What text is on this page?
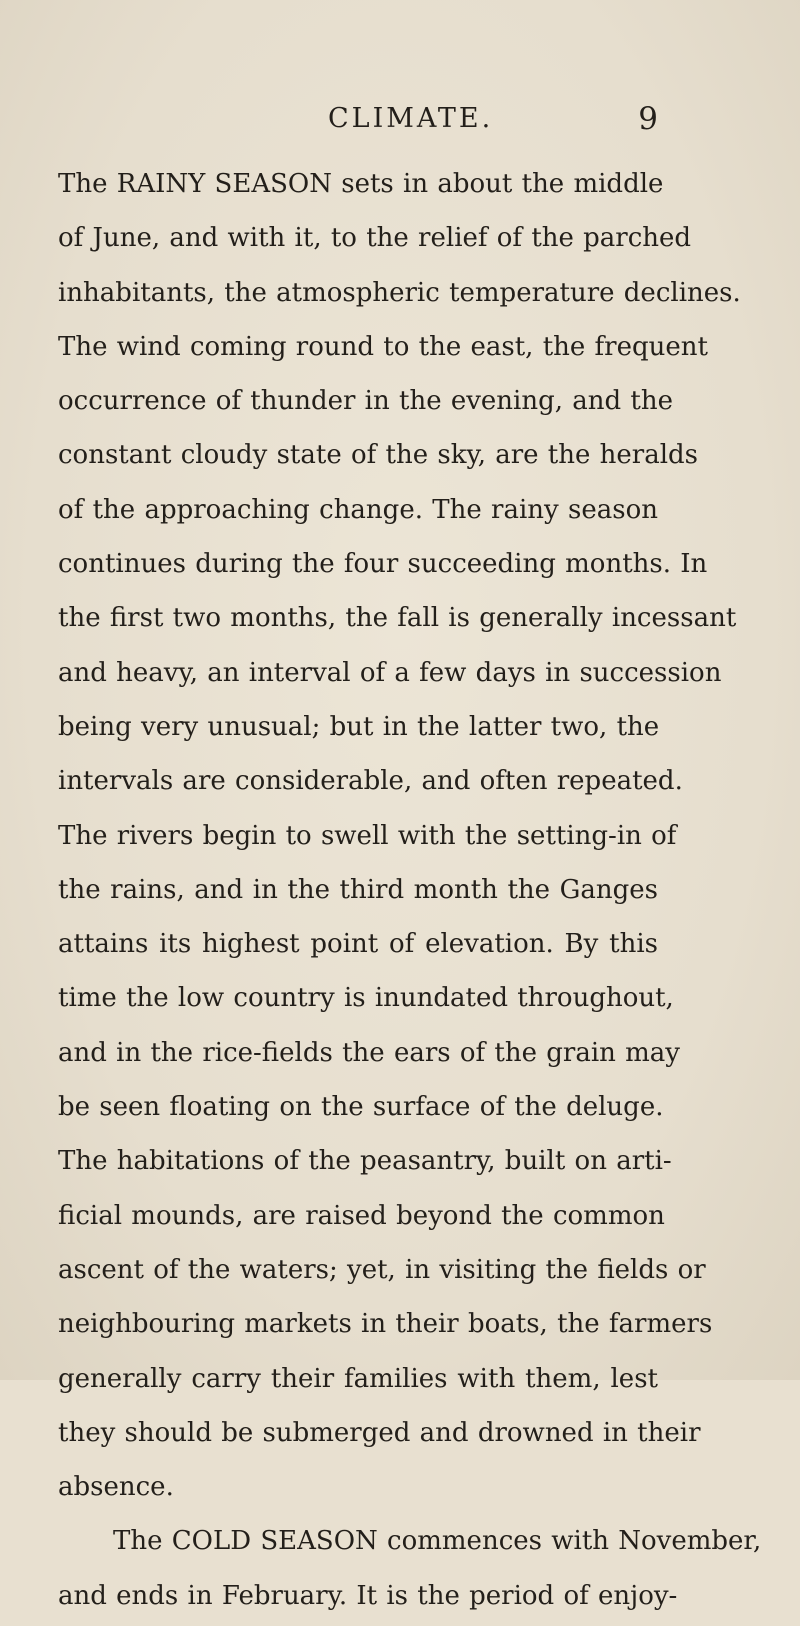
CLIMATE.	9
The RAINY SEASON sets in about the middle
of June, and with it, to the relief of the parched
inhabitants, the atmospheric temperature declines.
The wind coming round to the east, the frequent
occurrence of thunder in the evening, and the
constant cloudy state of the sky, are the heralds
of the approaching change. The rainy season
continues during the four succeeding months. In
the first two months, the fall is generally incessant
and heavy, an interval of a few days in succession
being very unusual; but in the latter two, the
intervals are considerable, and often repeated.
The rivers begin to swell with the setting-in of
the rains, and in the third month the Ganges
attains its highest point of elevation. By this
time the low country is inundated throughout,
and in the rice-fields the ears of the grain may
be seen floating on the surface of the deluge.
The habitations of the peasantry, built on arti-
ficial mounds, are raised beyond the common
ascent of the waters; yet, in visiting the fields or
neighbouring markets in their boats, the farmers
generally carry their families with them, lest
they should be submerged and drowned in their
absence.
The COLD SEASON commences with November,
and ends in February. It is the period of enjoy-
